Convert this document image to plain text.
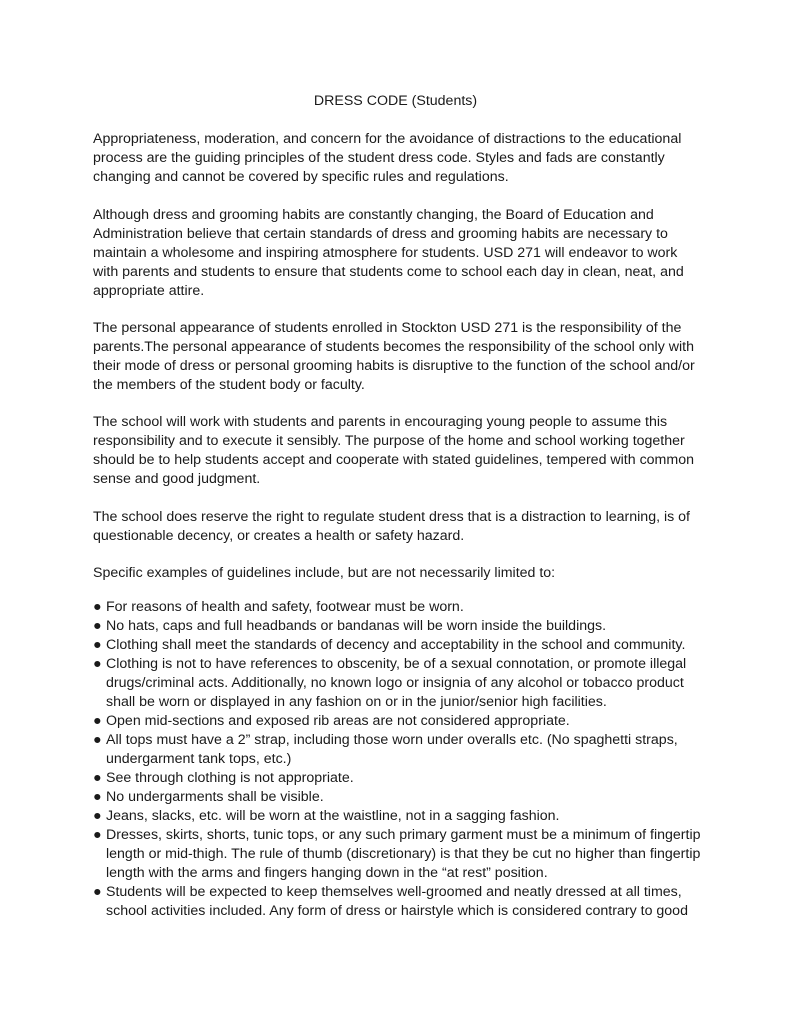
DRESS CODE (Students)

Appropriateness, moderation, and concern for the avoidance of distractions to the educational process are the guiding principles of the student dress code. Styles and fads are constantly changing and cannot be covered by specific rules and regulations.

Although dress and grooming habits are constantly changing, the Board of Education and Administration believe that certain standards of dress and grooming habits are necessary to maintain a wholesome and inspiring atmosphere for students. USD 271 will endeavor to work with parents and students to ensure that students come to school each day in clean, neat, and appropriate attire.

The personal appearance of students enrolled in Stockton USD 271 is the responsibility of the parents.The personal appearance of students becomes the responsibility of the school only with their mode of dress or personal grooming habits is disruptive to the function of the school and/or the members of the student body or faculty.

The school will work with students and parents in encouraging young people to assume this responsibility and to execute it sensibly. The purpose of the home and school working together should be to help students accept and cooperate with stated guidelines, tempered with common sense and good judgment.

The school does reserve the right to regulate student dress that is a distraction to learning, is of questionable decency, or creates a health or safety hazard.

Specific examples of guidelines include, but are not necessarily limited to:

● For reasons of health and safety, footwear must be worn.
● No hats, caps and full headbands or bandanas will be worn inside the buildings.
● Clothing shall meet the standards of decency and acceptability in the school and community.
● Clothing is not to have references to obscenity, be of a sexual connotation, or promote illegal drugs/criminal acts. Additionally, no known logo or insignia of any alcohol or tobacco product shall be worn or displayed in any fashion on or in the junior/senior high facilities.
● Open mid-sections and exposed rib areas are not considered appropriate.
● All tops must have a 2” strap, including those worn under overalls etc. (No spaghetti straps, undergarment tank tops, etc.)
● See through clothing is not appropriate.
● No undergarments shall be visible.
● Jeans, slacks, etc. will be worn at the waistline, not in a sagging fashion.
● Dresses, skirts, shorts, tunic tops, or any such primary garment must be a minimum of fingertip length or mid-thigh. The rule of thumb (discretionary) is that they be cut no higher than fingertip length with the arms and fingers hanging down in the “at rest” position.
● Students will be expected to keep themselves well-groomed and neatly dressed at all times, school activities included. Any form of dress or hairstyle which is considered contrary to good
